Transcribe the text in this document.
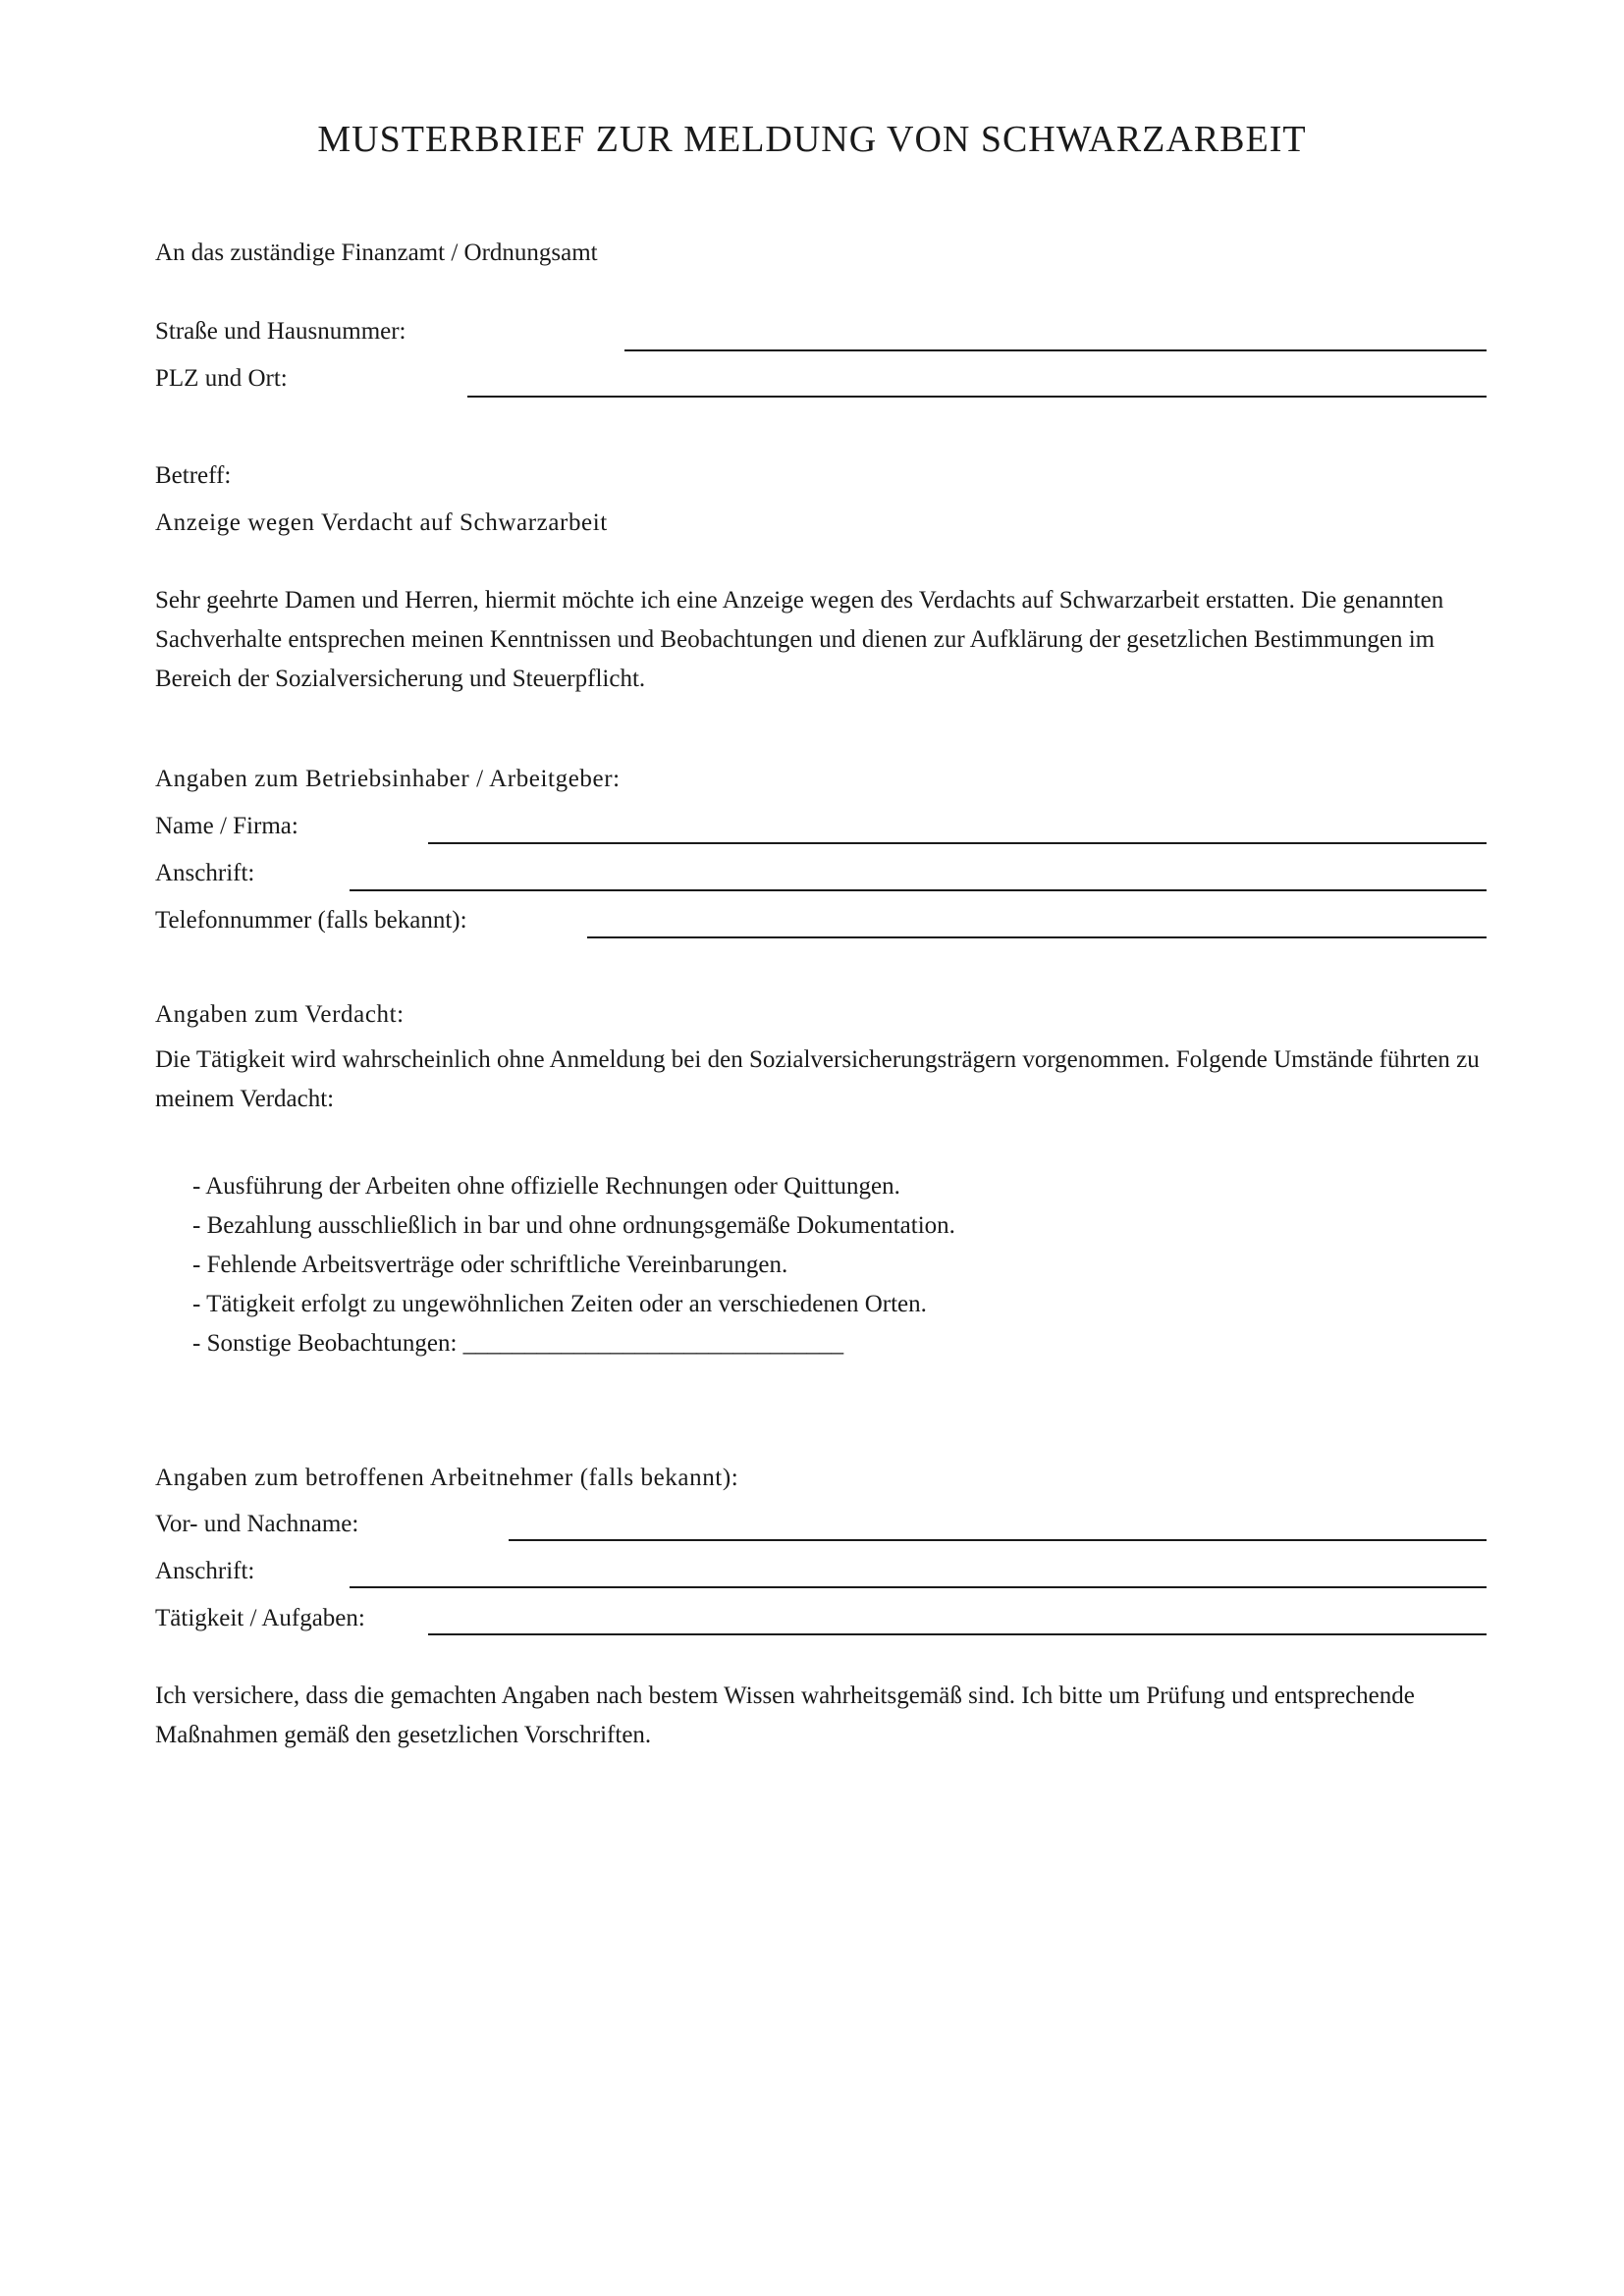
MUSTERBRIEF ZUR MELDUNG VON SCHWARZARBEIT
An das zuständige Finanzamt / Ordnungsamt
Straße und Hausnummer:
PLZ und Ort:
Betreff:
Anzeige wegen Verdacht auf Schwarzarbeit
Sehr geehrte Damen und Herren, hiermit möchte ich eine Anzeige wegen des Verdachts auf Schwarzarbeit erstatten. Die genannten Sachverhalte entsprechen meinen Kenntnissen und Beobachtungen und dienen zur Aufklärung der gesetzlichen Bestimmungen im Bereich der Sozialversicherung und Steuerpflicht.
Angaben zum Betriebsinhaber / Arbeitgeber:
Name / Firma:
Anschrift:
Telefonnummer (falls bekannt):
Angaben zum Verdacht:
Die Tätigkeit wird wahrscheinlich ohne Anmeldung bei den Sozialversicherungsträgern vorgenommen. Folgende Umstände führten zu meinem Verdacht:
- Ausführung der Arbeiten ohne offizielle Rechnungen oder Quittungen.
- Bezahlung ausschließlich in bar und ohne ordnungsgemäße Dokumentation.
- Fehlende Arbeitsverträge oder schriftliche Vereinbarungen.
- Tätigkeit erfolgt zu ungewöhnlichen Zeiten oder an verschiedenen Orten.
- Sonstige Beobachtungen: _______________________________
Angaben zum betroffenen Arbeitnehmer (falls bekannt):
Vor- und Nachname:
Anschrift:
Tätigkeit / Aufgaben:
Ich versichere, dass die gemachten Angaben nach bestem Wissen wahrheitsgemäß sind. Ich bitte um Prüfung und entsprechende Maßnahmen gemäß den gesetzlichen Vorschriften.
